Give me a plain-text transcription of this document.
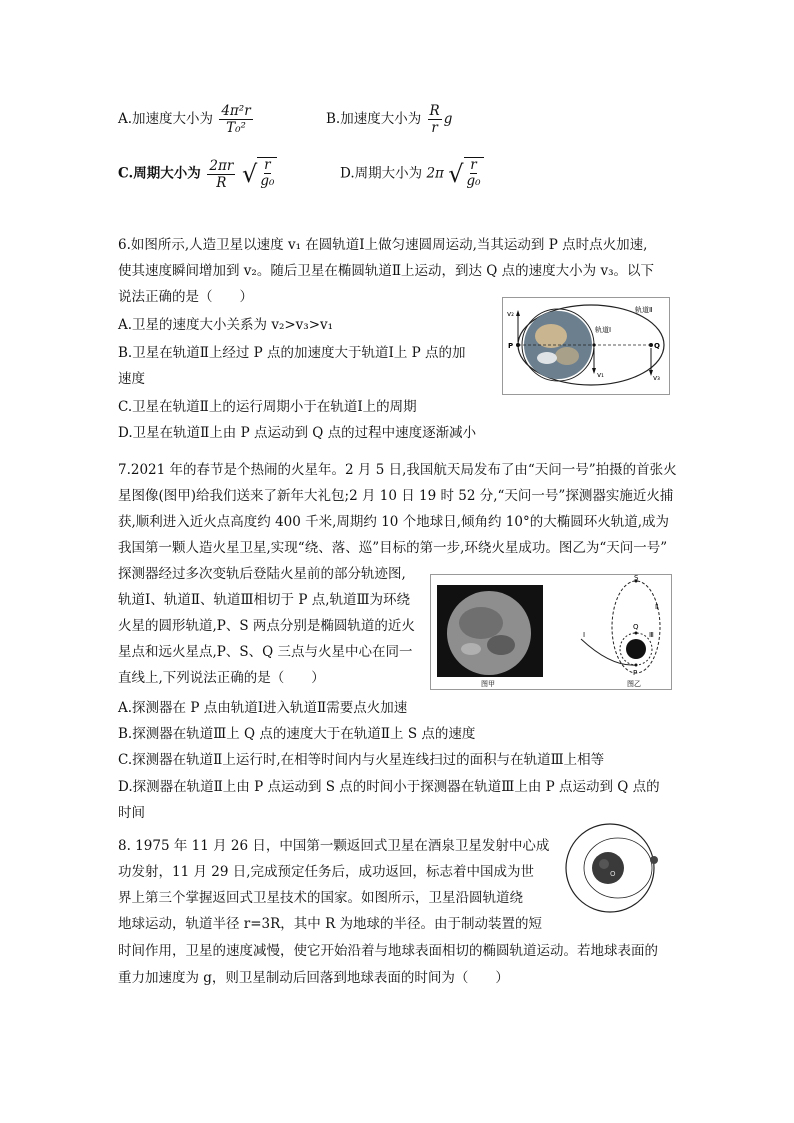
A.加速度大小为 $\frac{\text{4π²r}}{\text{T₀²}}$	B.加速度大小为 $\frac{R}{r}$ g
C.周期大小为 $\frac{2\pi r}{R}$
√ $\frac{r}{\text{g₀}}$	D.周期大小为 2π √ $\frac{r}{\text{g₀}}$
6.如图所示,人造卫星以速度 v₁ 在圆轨道Ⅰ上做匀速圆周运动,当其运动到 P 点时点火加速,
使其速度瞬间增加到 v₂。随后卫星在椭圆轨道Ⅱ上运动，到达 Q 点的速度大小为 v₃。以下
说法正确的是（　　）
A.卫星的速度大小关系为 v₂>v₃>v₁
B.卫星在轨道Ⅱ上经过 P 点的加速度大于轨道Ⅰ上 P 点的加
速度
C.卫星在轨道Ⅱ上的运行周期小于在轨道Ⅰ上的周期
D.卫星在轨道Ⅱ上由 P 点运动到 Q 点的过程中速度逐渐减小
轨道Ⅱ
轨道Ⅰ
P	Q
v₁
v₂
v₃
7.2021 年的春节是个热闹的火星年。2 月 5 日,我国航天局发布了由“天问一号”拍摄的首张火
星图像(图甲)给我们送来了新年大礼包;2 月 10 日 19 时 52 分,“天问一号”探测器实施近火捕
获,顺利进入近火点高度约 400 千米,周期约 10 个地球日,倾角约 10°的大椭圆环火轨道,成为
我国第一颗人造火星卫星,实现“绕、落、巡”目标的第一步,环绕火星成功。图乙为“天问一号”
探测器经过多次变轨后登陆火星前的部分轨迹图,
轨道Ⅰ、轨道Ⅱ、轨道Ⅲ相切于 P 点,轨道Ⅲ为环绕
火星的圆形轨道,P、S 两点分别是椭圆轨道的近火
星点和远火星点,P、S、Q 三点与火星中心在同一
直线上,下列说法正确的是（　　）
A.探测器在 P 点由轨道Ⅰ进入轨道Ⅱ需要点火加速
B.探测器在轨道Ⅲ上 Q 点的速度大于在轨道Ⅱ上 S 点的速度
C.探测器在轨道Ⅱ上运行时,在相等时间内与火星连线扫过的面积与在轨道Ⅲ上相等
D.探测器在轨道Ⅱ上由 P 点运动到 S 点的时间小于探测器在轨道Ⅲ上由 P 点运动到 Q 点的
时间
图甲
S
Q
P
Ⅰ
Ⅱ
Ⅲ
图乙
8. 1975 年 11 月 26 日，中国第一颗返回式卫星在酒泉卫星发射中心成
功发射，11 月 29 日,完成预定任务后，成功返回，标志着中国成为世
界上第三个掌握返回式卫星技术的国家。如图所示，卫星沿圆轨道绕
地球运动，轨道半径 r=3R，其中 R 为地球的半径。由于制动装置的短
时间作用，卫星的速度减慢，使它开始沿着与地球表面相切的椭圆轨道运动。若地球表面的
重力加速度为 g，则卫星制动后回落到地球表面的时间为（　　）
O
